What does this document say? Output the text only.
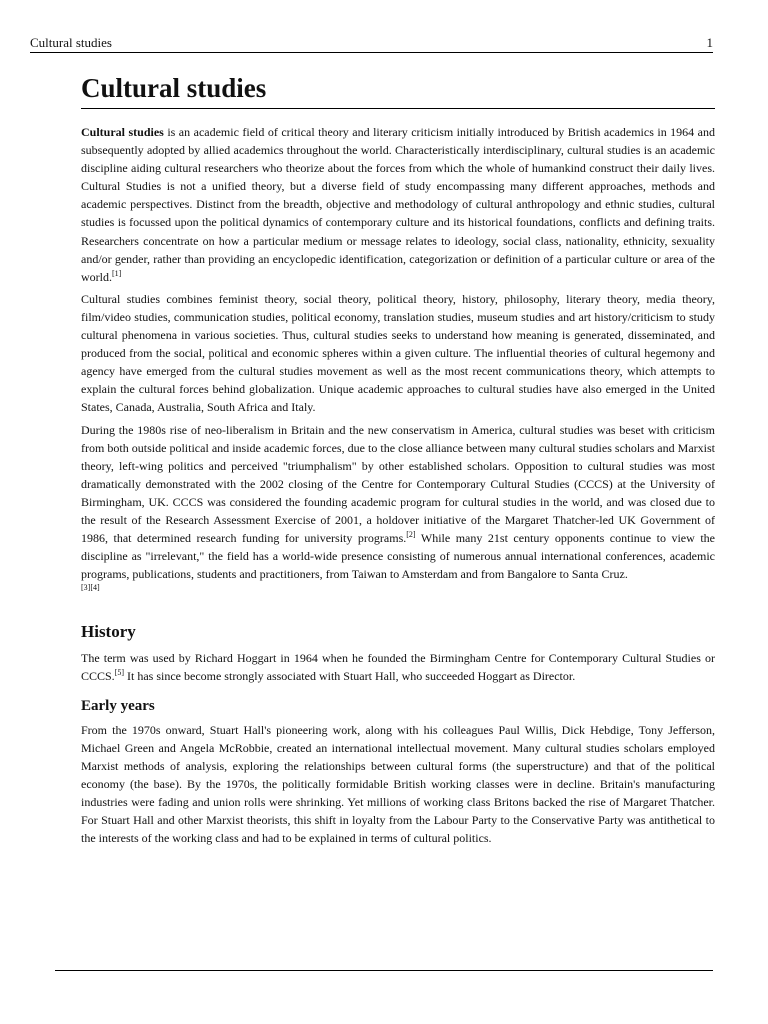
Cultural studies	1
Cultural studies

Cultural studies is an academic field of critical theory and literary criticism initially introduced by British academics in 1964 and subsequently adopted by allied academics throughout the world. Characteristically interdisciplinary, cultural studies is an academic discipline aiding cultural researchers who theorize about the forces from which the whole of humankind construct their daily lives. Cultural Studies is not a unified theory, but a diverse field of study encompassing many different approaches, methods and academic perspectives. Distinct from the breadth, objective and methodology of cultural anthropology and ethnic studies, cultural studies is focussed upon the political dynamics of contemporary culture and its historical foundations, conflicts and defining traits. Researchers concentrate on how a particular medium or message relates to ideology, social class, nationality, ethnicity, sexuality and/or gender, rather than providing an encyclopedic identification, categorization or definition of a particular culture or area of the world.[1]

Cultural studies combines feminist theory, social theory, political theory, history, philosophy, literary theory, media theory, film/video studies, communication studies, political economy, translation studies, museum studies and art history/criticism to study cultural phenomena in various societies. Thus, cultural studies seeks to understand how meaning is generated, disseminated, and produced from the social, political and economic spheres within a given culture. The influential theories of cultural hegemony and agency have emerged from the cultural studies movement as well as the most recent communications theory, which attempts to explain the cultural forces behind globalization. Unique academic approaches to cultural studies have also emerged in the United States, Canada, Australia, South Africa and Italy.

During the 1980s rise of neo-liberalism in Britain and the new conservatism in America, cultural studies was beset with criticism from both outside political and inside academic forces, due to the close alliance between many cultural studies scholars and Marxist theory, left-wing politics and perceived "triumphalism" by other established scholars. Opposition to cultural studies was most dramatically demonstrated with the 2002 closing of the Centre for Contemporary Cultural Studies (CCCS) at the University of Birmingham, UK. CCCS was considered the founding academic program for cultural studies in the world, and was closed due to the result of the Research Assessment Exercise of 2001, a holdover initiative of the Margaret Thatcher-led UK Government of 1986, that determined research funding for university programs.[2] While many 21st century opponents continue to view the discipline as "irrelevant," the field has a world-wide presence consisting of numerous annual international conferences, academic programs, publications, students and practitioners, from Taiwan to Amsterdam and from Bangalore to Santa Cruz.

[3][4]

History

The term was used by Richard Hoggart in 1964 when he founded the Birmingham Centre for Contemporary Cultural Studies or CCCS.[5] It has since become strongly associated with Stuart Hall, who succeeded Hoggart as Director.

Early years

From the 1970s onward, Stuart Hall's pioneering work, along with his colleagues Paul Willis, Dick Hebdige, Tony Jefferson, Michael Green and Angela McRobbie, created an international intellectual movement. Many cultural studies scholars employed Marxist methods of analysis, exploring the relationships between cultural forms (the superstructure) and that of the political economy (the base). By the 1970s, the politically formidable British working classes were in decline. Britain's manufacturing industries were fading and union rolls were shrinking. Yet millions of working class Britons backed the rise of Margaret Thatcher. For Stuart Hall and other Marxist theorists, this shift in loyalty from the Labour Party to the Conservative Party was antithetical to the interests of the working class and had to be explained in terms of cultural politics.
